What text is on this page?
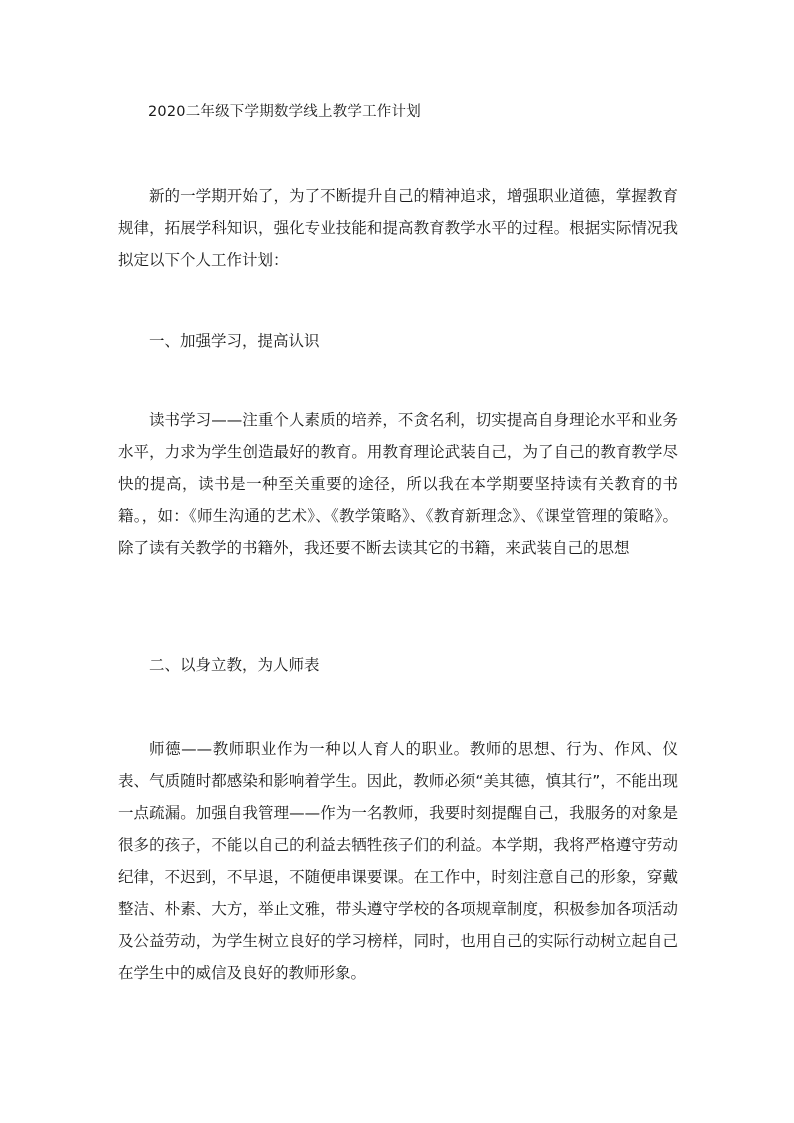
2020二年级下学期数学线上教学工作计划

新的一学期开始了，为了不断提升自己的精神追求，增强职业道德，掌握教育规律，拓展学科知识，强化专业技能和提高教育教学水平的过程。根据实际情况我拟定以下个人工作计划：

一、加强学习，提高认识

读书学习——注重个人素质的培养，不贪名利，切实提高自身理论水平和业务水平，力求为学生创造最好的教育。用教育理论武装自己，为了自己的教育教学尽快的提高，读书是一种至关重要的途径，所以我在本学期要坚持读有关教育的书籍。，如：《师生沟通的艺术》、《教学策略》、《教育新理念》、《课堂管理的策略》。除了读有关教学的书籍外，我还要不断去读其它的书籍，来武装自己的思想

二、以身立教，为人师表

师德——教师职业作为一种以人育人的职业。教师的思想、行为、作风、仪表、气质随时都感染和影响着学生。因此，教师必须“美其德，慎其行”，不能出现一点疏漏。加强自我管理——作为一名教师，我要时刻提醒自己，我服务的对象是很多的孩子，不能以自己的利益去牺牲孩子们的利益。本学期，我将严格遵守劳动纪律，不迟到，不早退，不随便串课要课。在工作中，时刻注意自己的形象，穿戴整洁、朴素、大方，举止文雅，带头遵守学校的各项规章制度，积极参加各项活动及公益劳动，为学生树立良好的学习榜样，同时，也用自己的实际行动树立起自己在学生中的威信及良好的教师形象。
